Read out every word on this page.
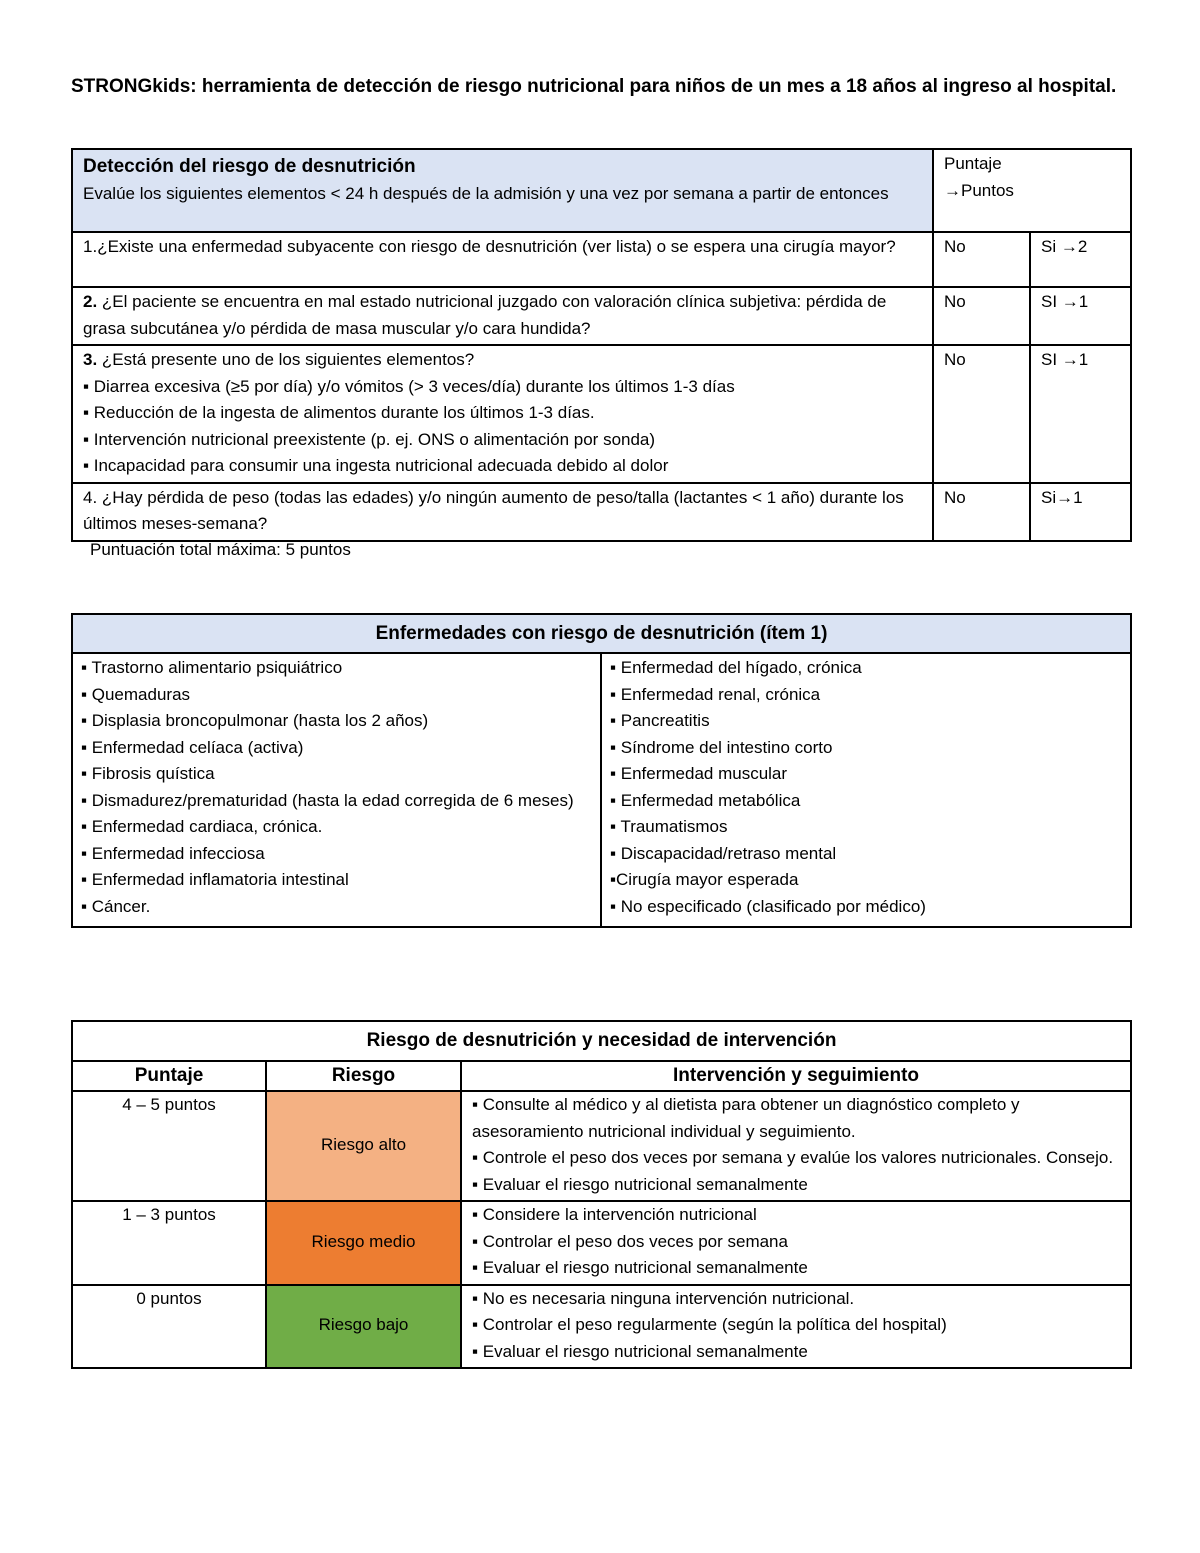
STRONGkids: herramienta de detección de riesgo nutricional para niños de un mes a 18 años al ingreso al hospital.
Detección del riesgo de desnutrición
Evalúe los siguientes elementos < 24 h después de la admisión y una vez por semana a partir de entonces	Puntaje
→Puntos	

1.¿Existe una enfermedad subyacente con riesgo de desnutrición (ver lista) o se espera una cirugía mayor?	No	Si →2
2. ¿El paciente se encuentra en mal estado nutricional juzgado con valoración clínica subjetiva: pérdida de grasa subcutánea y/o pérdida de masa muscular y/o cara hundida?	No	SI →1

3. ¿Está presente uno de los siguientes elementos?
▪ Diarrea excesiva (≥5 por día) y/o vómitos (> 3 veces/día) durante los últimos 1-3 días
▪ Reducción de la ingesta de alimentos durante los últimos 1-3 días.
▪ Intervención nutricional preexistente (p. ej. ONS o alimentación por sonda)
▪ Incapacidad para consumir una ingesta nutricional adecuada debido al dolor	No	SI →1
4. ¿Hay pérdida de peso (todas las edades) y/o ningún aumento de peso/talla (lactantes < 1 año) durante los últimos meses-semana?	No	Si→1
Puntuación total máxima: 5 puntos
Enfermedades con riesgo de desnutrición (ítem 1)

▪ Trastorno alimentario psiquiátrico
▪ Quemaduras
▪ Displasia broncopulmonar (hasta los 2 años)
▪ Enfermedad celíaca (activa)
▪ Fibrosis quística
▪ Dismadurez/prematuridad (hasta la edad corregida de 6 meses)
▪ Enfermedad cardiaca, crónica.
▪ Enfermedad infecciosa
▪ Enfermedad inflamatoria intestinal
▪ Cáncer.

▪ Enfermedad del hígado, crónica
▪ Enfermedad renal, crónica
▪ Pancreatitis
▪ Síndrome del intestino corto
▪ Enfermedad muscular
▪ Enfermedad metabólica
▪ Traumatismos
▪ Discapacidad/retraso mental
▪Cirugía mayor esperada
▪ No especificado (clasificado por médico)
Riesgo de desnutrición y necesidad de intervención		
Puntaje	Riesgo	Intervención y seguimiento
4 – 5 puntos	Riesgo alto	▪ Consulte al médico y al dietista para obtener un diagnóstico completo y asesoramiento nutricional individual y seguimiento.
▪ Controle el peso dos veces por semana y evalúe los valores nutricionales. Consejo.
▪ Evaluar el riesgo nutricional semanalmente

1 – 3 puntos	Riesgo medio	▪ Considere la intervención nutricional
▪ Controlar el peso dos veces por semana
▪ Evaluar el riesgo nutricional semanalmente

0 puntos	Riesgo bajo	▪ No es necesaria ninguna intervención nutricional.
▪ Controlar el peso regularmente (según la política del hospital)
▪ Evaluar el riesgo nutricional semanalmente
